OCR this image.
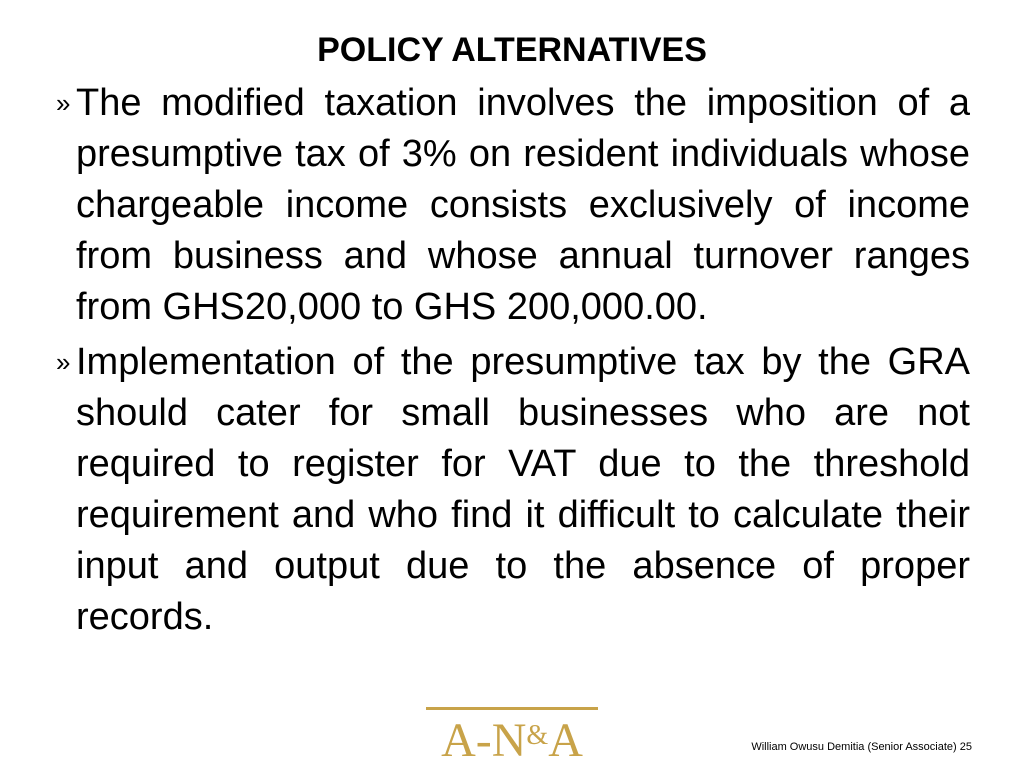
POLICY ALTERNATIVES
» The modified taxation involves the imposition of a presumptive tax of 3% on resident individuals whose chargeable income consists exclusively of income from business and whose annual turnover ranges from GHS20,000 to GHS 200,000.00.
» Implementation of the presumptive tax by the GRA should cater for small businesses who are not required to register for VAT due to the threshold requirement and who find it difficult to calculate their input and output due to the absence of proper records.
A-N&A	William Owusu Demitia (Senior Associate) 25
